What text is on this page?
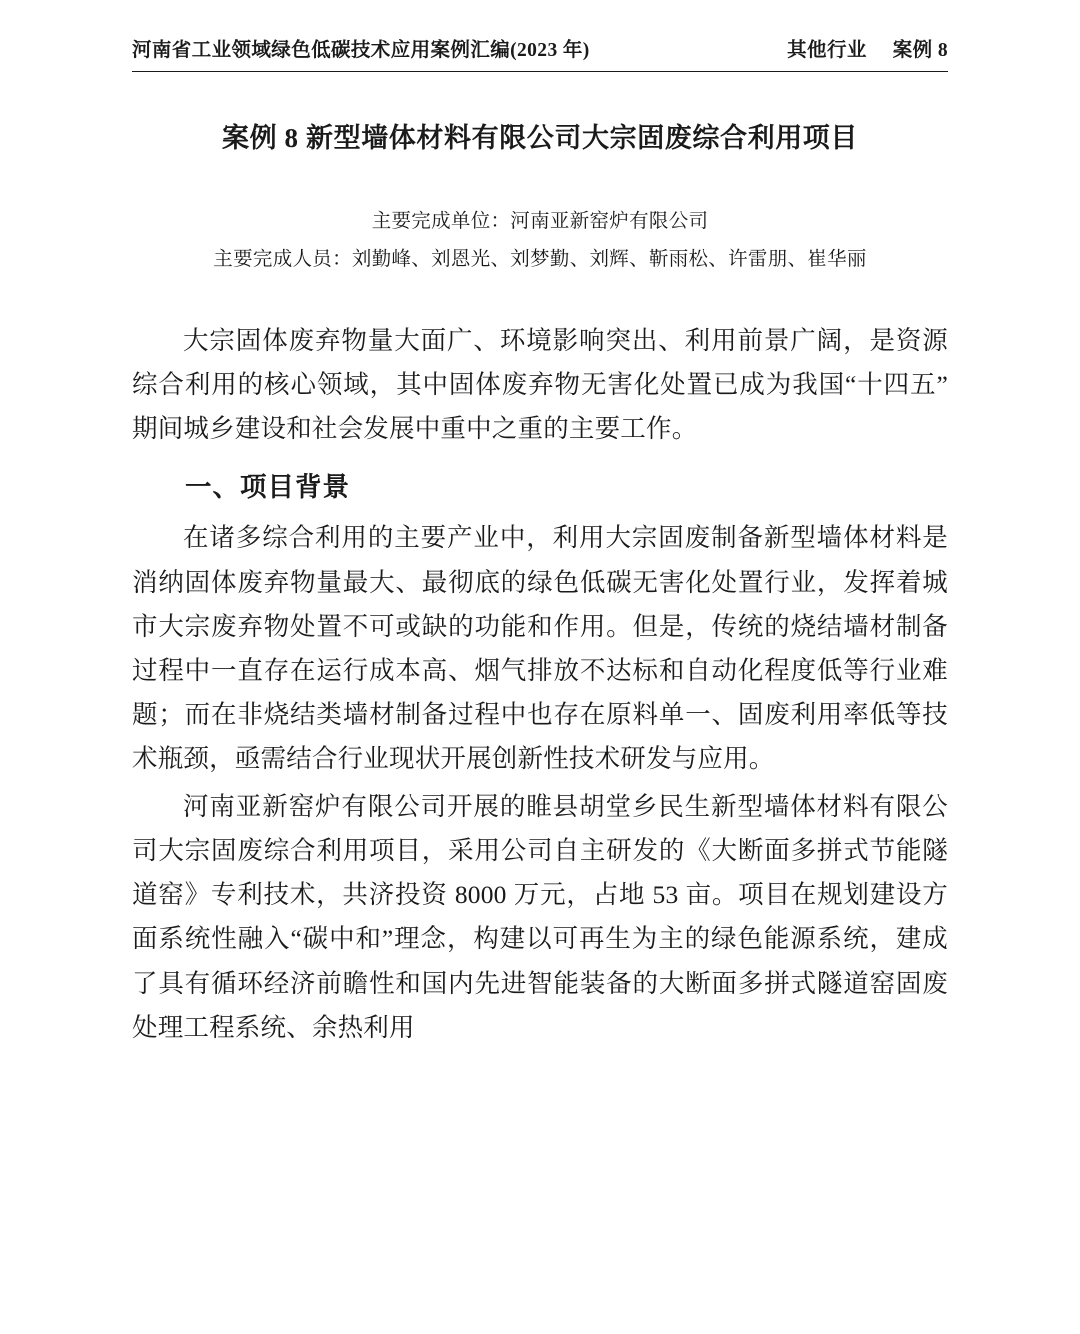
河南省工业领域绿色低碳技术应用案例汇编(2023 年)	其他行业 案例 8
案例 8 新型墙体材料有限公司大宗固废综合利用项目
主要完成单位：河南亚新窑炉有限公司
主要完成人员：刘勤峰、刘恩光、刘梦勤、刘辉、靳雨松、许雷朋、崔华丽

大宗固体废弃物量大面广、环境影响突出、利用前景广阔，是资源综合利用的核心领域，其中固体废弃物无害化处置已成为我国“十四五”期间城乡建设和社会发展中重中之重的主要工作。

一、项目背景

在诸多综合利用的主要产业中，利用大宗固废制备新型墙体材料是消纳固体废弃物量最大、最彻底的绿色低碳无害化处置行业，发挥着城市大宗废弃物处置不可或缺的功能和作用。但是，传统的烧结墙材制备过程中一直存在运行成本高、烟气排放不达标和自动化程度低等行业难题；而在非烧结类墙材制备过程中也存在原料单一、固废利用率低等技术瓶颈，亟需结合行业现状开展创新性技术研发与应用。

河南亚新窑炉有限公司开展的睢县胡堂乡民生新型墙体材料有限公司大宗固废综合利用项目，采用公司自主研发的《大断面多拼式节能隧道窑》专利技术，共济投资 8000 万元，占地 53 亩。项目在规划建设方面系统性融入“碳中和”理念，构建以可再生为主的绿色能源系统，建成了具有循环经济前瞻性和国内先进智能装备的大断面多拼式隧道窑固废处理工程系统、余热利用
